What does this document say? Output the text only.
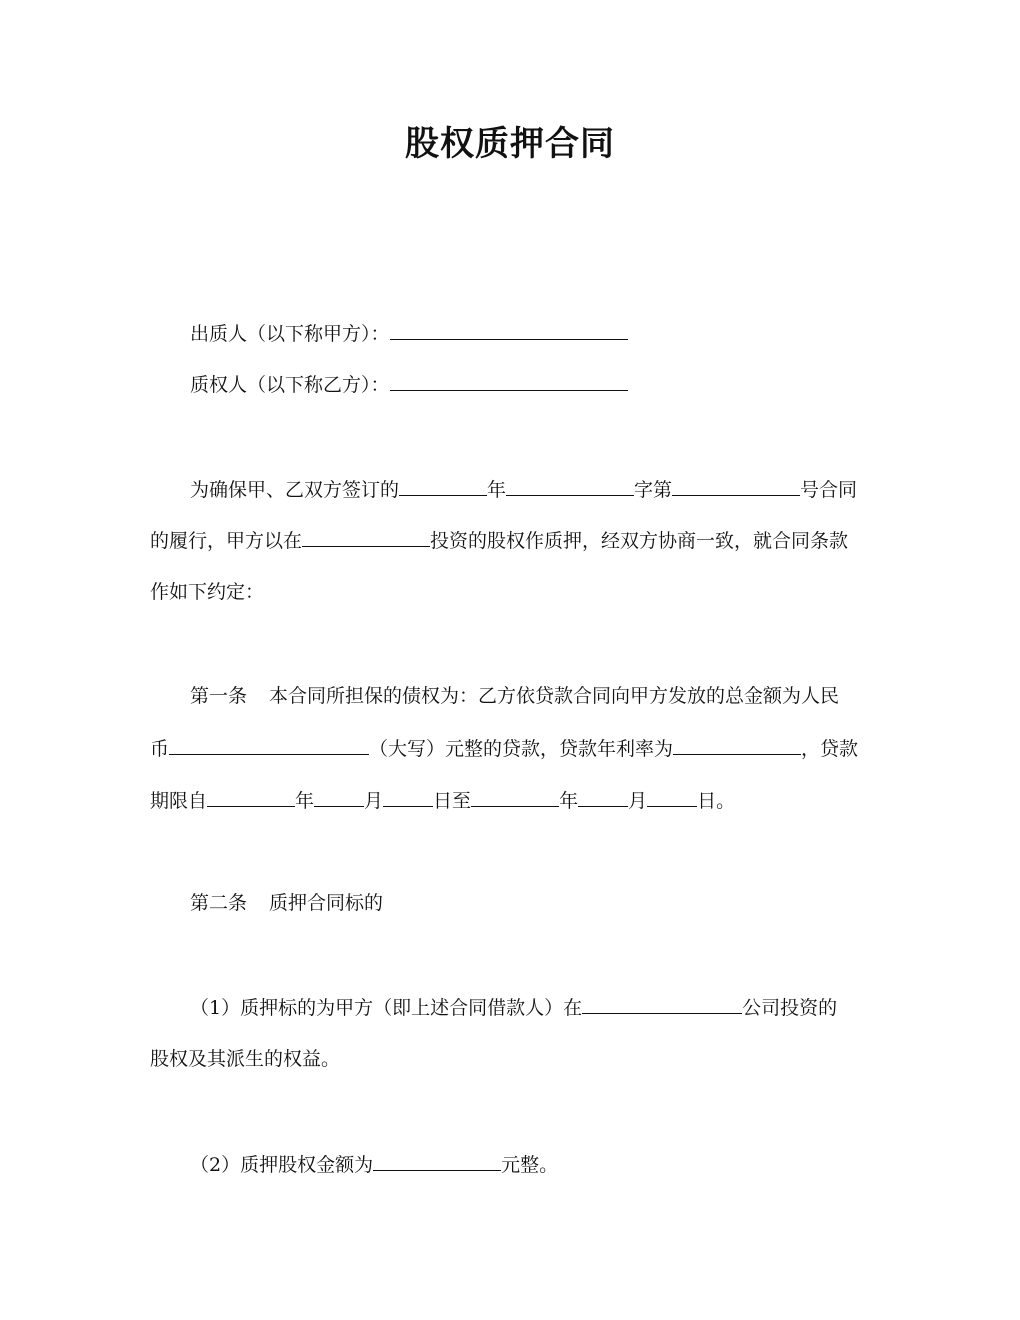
股权质押合同
出质人（以下称甲方）：
质权人（以下称乙方）：
为确保甲、乙双方签订的	年	字第	号合同
的履行，甲方以在	投资的股权作质押，经双方协商一致，就合同条款
作如下约定：
第一条 本合同所担保的债权为：乙方依贷款合同向甲方发放的总金额为人民
币	（大写）元整的贷款，贷款年利率为	，贷款
期限自	年	月	日至	年	月	日。
第二条 质押合同标的
（1）质押标的为甲方（即上述合同借款人）在	公司投资的
股权及其派生的权益。
（2）质押股权金额为	元整。
